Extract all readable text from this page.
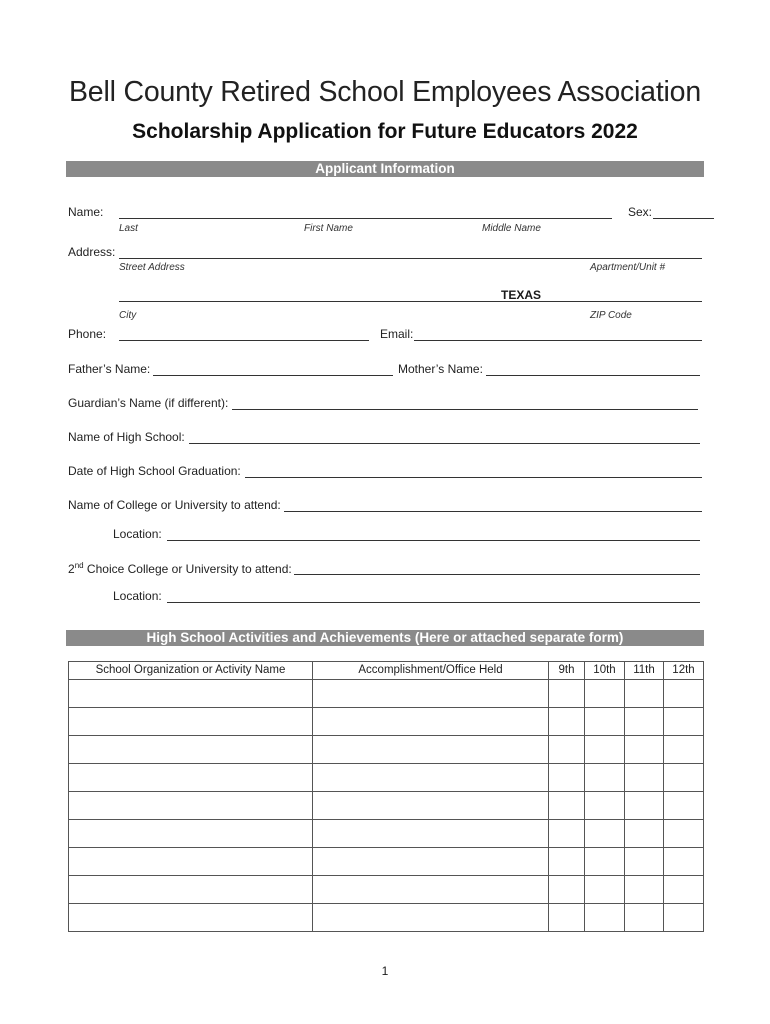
Bell County Retired School Employees Association
Scholarship Application for Future Educators 2022
Applicant Information
Name:	Sex:
Last	First Name	Middle Name
Address:
Street Address	Apartment/Unit #
TEXAS
City	ZIP Code
Phone:	Email:
Father’s Name:	Mother’s Name:
Guardian’s Name (if different):
Name of High School:
Date of High School Graduation:
Name of College or University to attend:
Location:
2nd Choice College or University to attend:
Location:
High School Activities and Achievements (Here or attached separate form)
School Organization or Activity Name	Accomplishment/Office Held	9th	10th	11th	12th

1
